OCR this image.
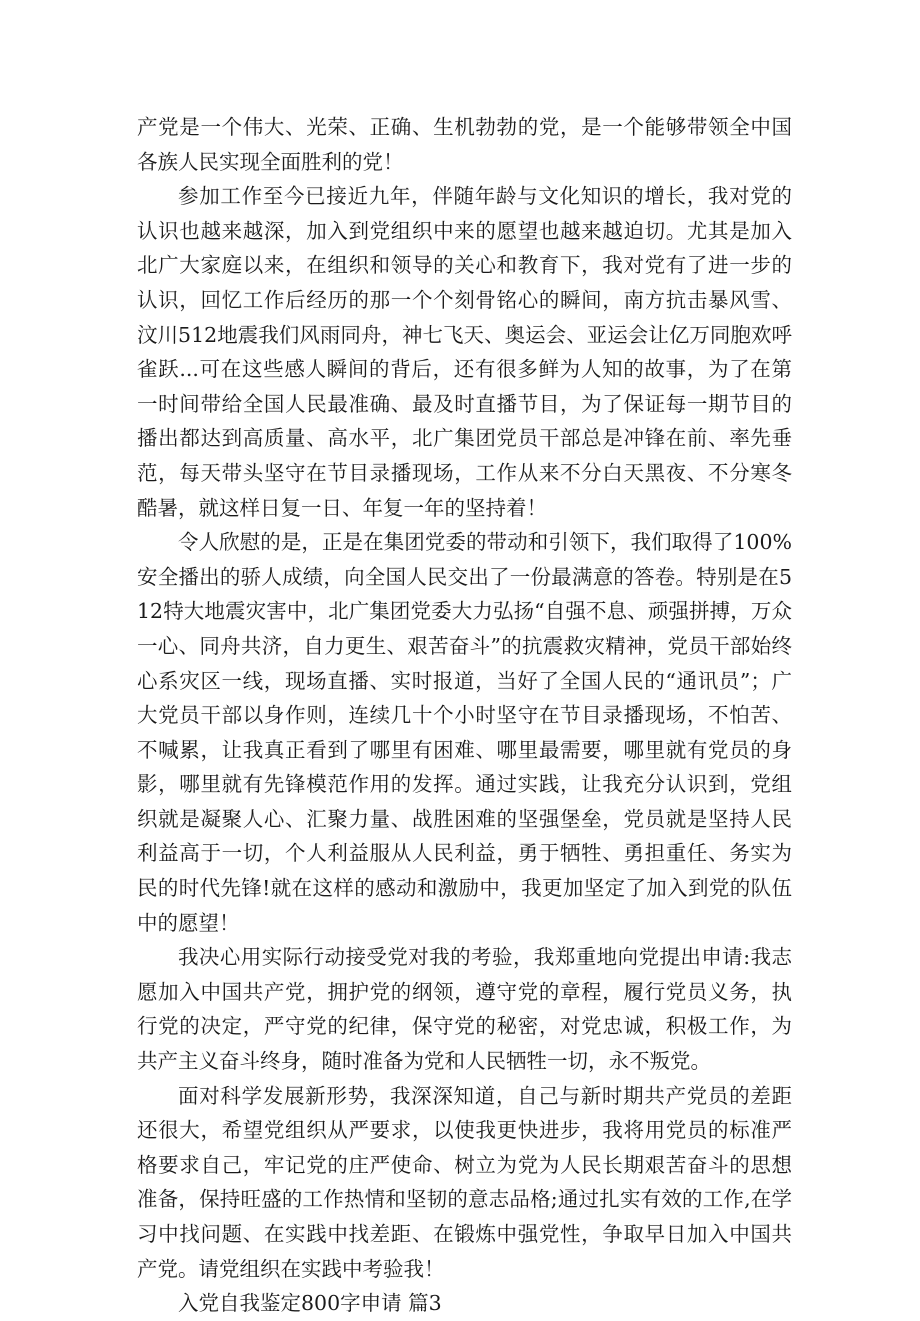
产党是一个伟大、光荣、正确、生机勃勃的党，是一个能够带领全中国各族人民实现全面胜利的党！

参加工作至今已接近九年，伴随年龄与文化知识的增长，我对党的认识也越来越深，加入到党组织中来的愿望也越来越迫切。尤其是加入北广大家庭以来，在组织和领导的关心和教育下，我对党有了进一步的认识，回忆工作后经历的那一个个刻骨铭心的瞬间，南方抗击暴风雪、汶川512地震我们风雨同舟，神七飞天、奥运会、亚运会让亿万同胞欢呼雀跃...可在这些感人瞬间的背后，还有很多鲜为人知的故事，为了在第一时间带给全国人民最准确、最及时直播节目，为了保证每一期节目的播出都达到高质量、高水平，北广集团党员干部总是冲锋在前、率先垂范，每天带头坚守在节目录播现场，工作从来不分白天黑夜、不分寒冬酷暑，就这样日复一日、年复一年的坚持着！

令人欣慰的是，正是在集团党委的带动和引领下，我们取得了100%安全播出的骄人成绩，向全国人民交出了一份最满意的答卷。特别是在512特大地震灾害中，北广集团党委大力弘扬“自强不息、顽强拼搏，万众一心、同舟共济，自力更生、艰苦奋斗”的抗震救灾精神，党员干部始终心系灾区一线，现场直播、实时报道，当好了全国人民的“通讯员”；广大党员干部以身作则，连续几十个小时坚守在节目录播现场，不怕苦、不喊累，让我真正看到了哪里有困难、哪里最需要，哪里就有党员的身影，哪里就有先锋模范作用的发挥。通过实践，让我充分认识到，党组织就是凝聚人心、汇聚力量、战胜困难的坚强堡垒，党员就是坚持人民利益高于一切，个人利益服从人民利益，勇于牺牲、勇担重任、务实为民的时代先锋!就在这样的感动和激励中，我更加坚定了加入到党的队伍中的愿望！

我决心用实际行动接受党对我的考验，我郑重地向党提出申请:我志愿加入中国共产党，拥护党的纲领，遵守党的章程，履行党员义务，执行党的决定，严守党的纪律，保守党的秘密，对党忠诚，积极工作，为共产主义奋斗终身，随时准备为党和人民牺牲一切，永不叛党。

面对科学发展新形势，我深深知道，自己与新时期共产党员的差距还很大，希望党组织从严要求，以使我更快进步，我将用党员的标准严格要求自己，牢记党的庄严使命、树立为党为人民长期艰苦奋斗的思想准备，保持旺盛的工作热情和坚韧的意志品格;通过扎实有效的工作,在学习中找问题、在实践中找差距、在锻炼中强党性，争取早日加入中国共产党。请党组织在实践中考验我！

入党自我鉴定800字申请 篇3
